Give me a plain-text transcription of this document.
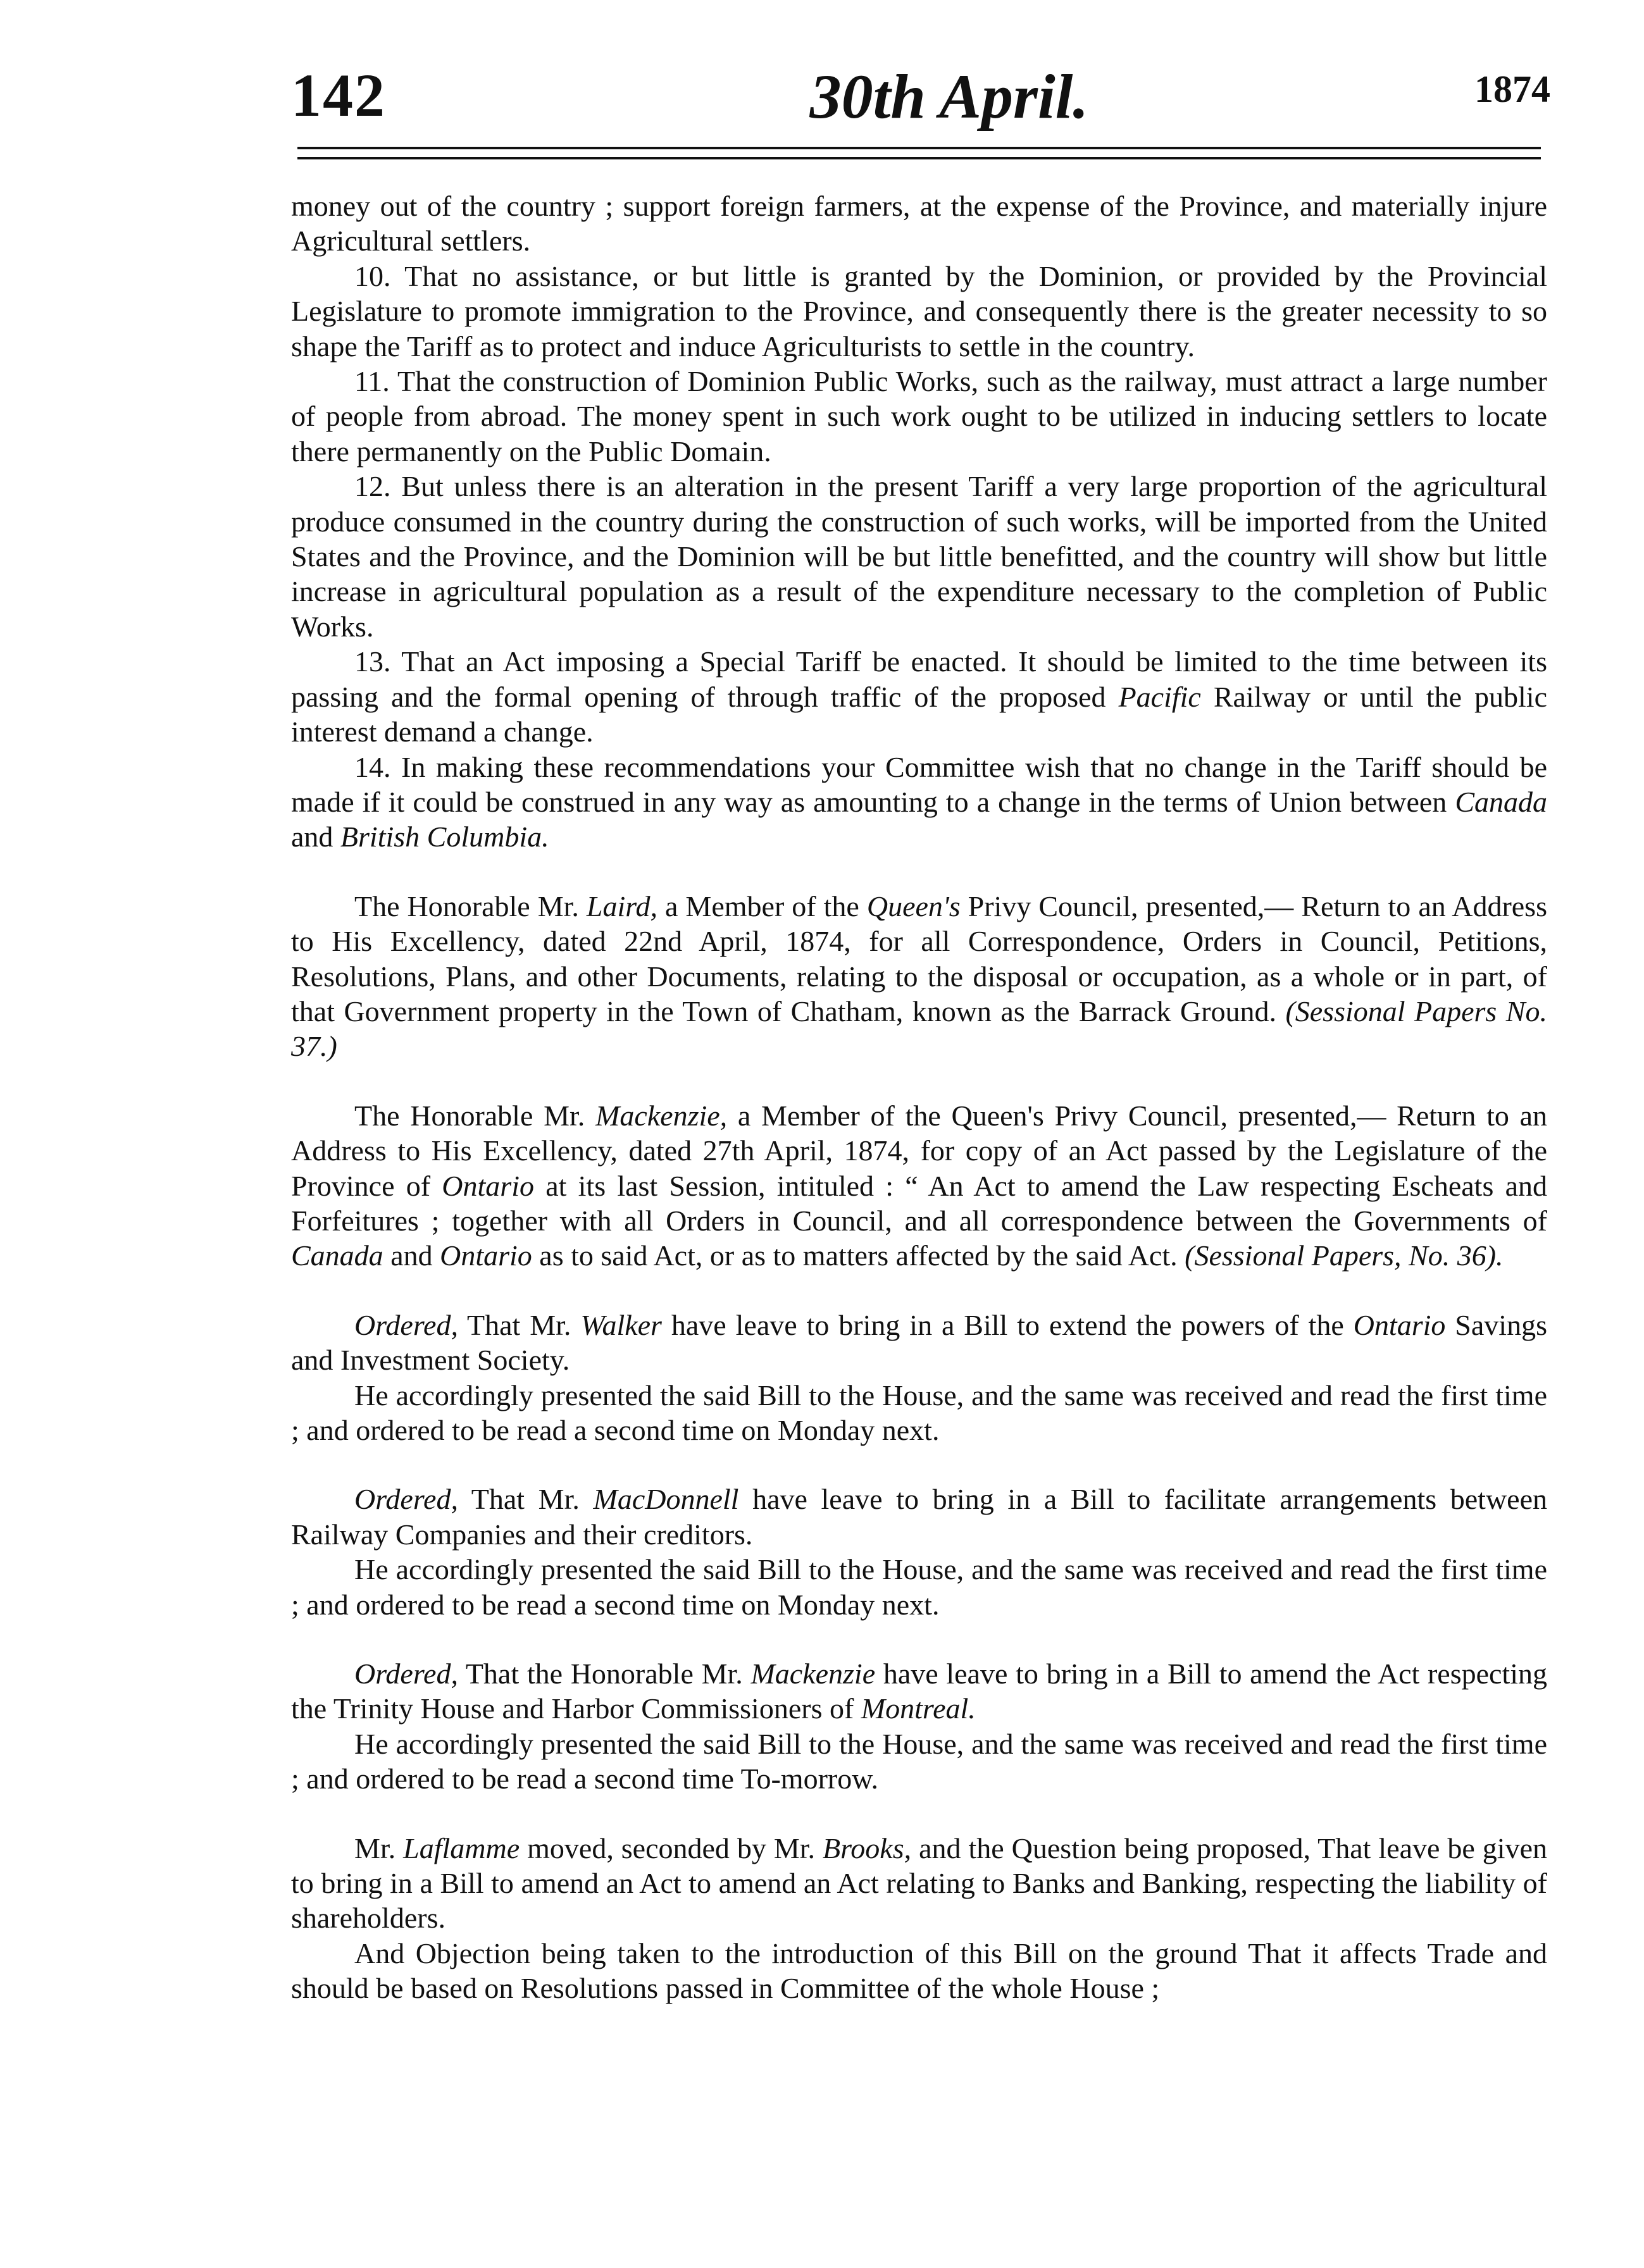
142	30th April.	1874

money out of the country ; support foreign farmers, at the expense of the Province, and materially injure Agricultural settlers.

10. That no assistance, or but little is granted by the Dominion, or provided by the Provincial Legislature to promote immigration to the Province, and consequently there is the greater necessity to so shape the Tariff as to protect and induce Agriculturists to settle in the country.

11. That the construction of Dominion Public Works, such as the railway, must attract a large number of people from abroad. The money spent in such work ought to be utilized in inducing settlers to locate there permanently on the Public Domain.

12. But unless there is an alteration in the present Tariff a very large proportion of the agricultural produce consumed in the country during the construction of such works, will be imported from the United States and the Province, and the Dominion will be but little benefitted, and the country will show but little increase in agricultural population as a result of the expenditure necessary to the completion of Public Works.

13. That an Act imposing a Special Tariff be enacted. It should be limited to the time between its passing and the formal opening of through traffic of the proposed Pacific Railway or until the public interest demand a change.

14. In making these recommendations your Committee wish that no change in the Tariff should be made if it could be construed in any way as amounting to a change in the terms of Union between Canada and British Columbia.

The Honorable Mr. Laird, a Member of the Queen's Privy Council, presented,— Return to an Address to His Excellency, dated 22nd April, 1874, for all Correspondence, Orders in Council, Petitions, Resolutions, Plans, and other Documents, relating to the disposal or occupation, as a whole or in part, of that Government property in the Town of Chatham, known as the Barrack Ground. (Sessional Papers No. 37.)

The Honorable Mr. Mackenzie, a Member of the Queen's Privy Council, presented,— Return to an Address to His Excellency, dated 27th April, 1874, for copy of an Act passed by the Legislature of the Province of Ontario at its last Session, intituled : “ An Act to amend the Law respecting Escheats and Forfeitures ; together with all Orders in Council, and all correspondence between the Governments of Canada and Ontario as to said Act, or as to matters affected by the said Act. (Sessional Papers, No. 36).

Ordered, That Mr. Walker have leave to bring in a Bill to extend the powers of the Ontario Savings and Investment Society.

He accordingly presented the said Bill to the House, and the same was received and read the first time ; and ordered to be read a second time on Monday next.

Ordered, That Mr. MacDonnell have leave to bring in a Bill to facilitate arrangements between Railway Companies and their creditors.

He accordingly presented the said Bill to the House, and the same was received and read the first time ; and ordered to be read a second time on Monday next.

Ordered, That the Honorable Mr. Mackenzie have leave to bring in a Bill to amend the Act respecting the Trinity House and Harbor Commissioners of Montreal.

He accordingly presented the said Bill to the House, and the same was received and read the first time ; and ordered to be read a second time To-morrow.

Mr. Laflamme moved, seconded by Mr. Brooks, and the Question being proposed, That leave be given to bring in a Bill to amend an Act to amend an Act relating to Banks and Banking, respecting the liability of shareholders.

And Objection being taken to the introduction of this Bill on the ground That it affects Trade and should be based on Resolutions passed in Committee of the whole House ;
